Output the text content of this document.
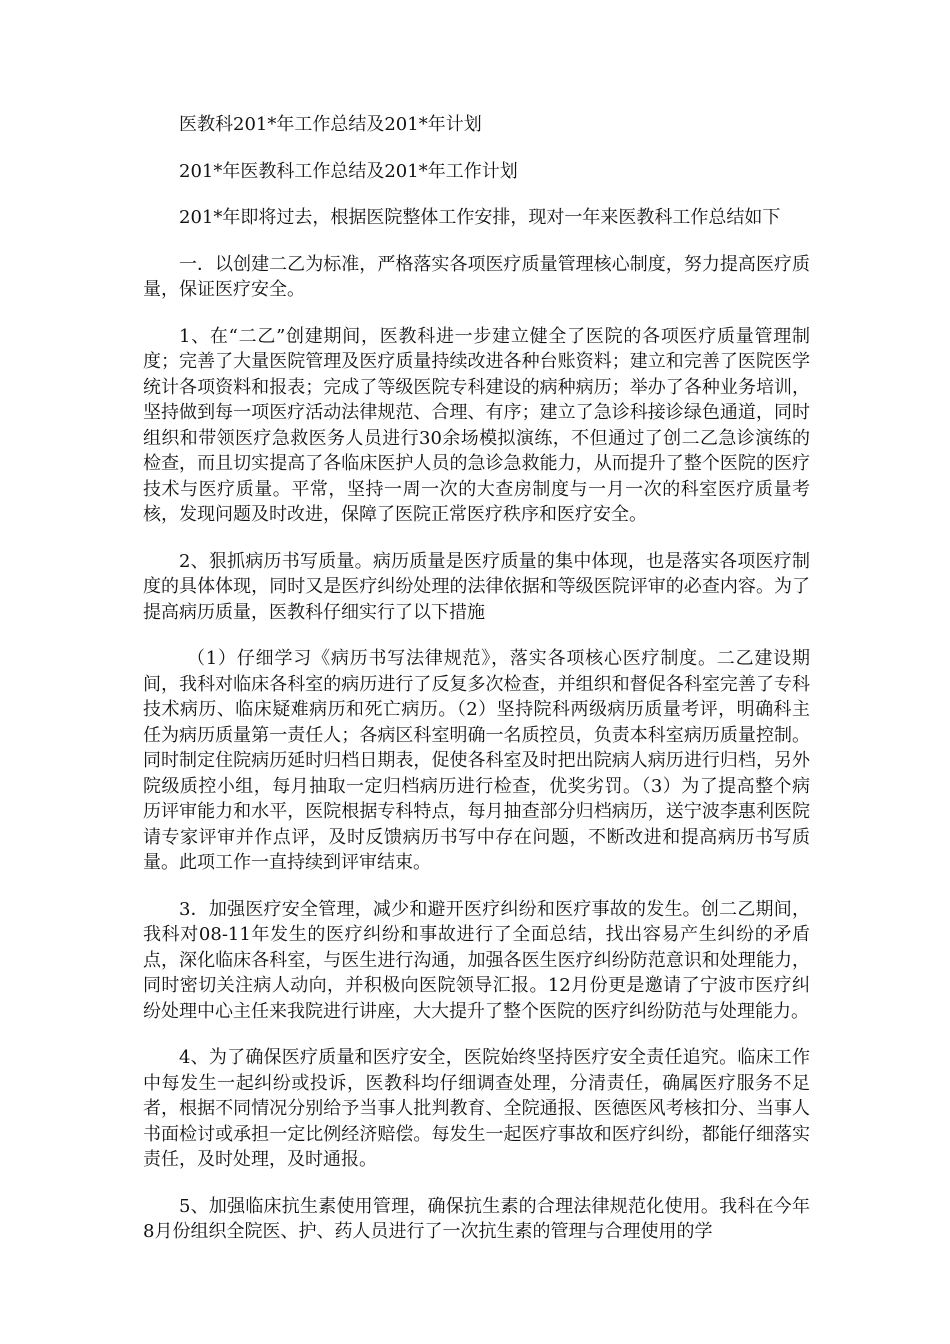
医教科201*年工作总结及201*年计划

201*年医教科工作总结及201*年工作计划

201*年即将过去，根据医院整体工作安排，现对一年来医教科工作总结如下

一．以创建二乙为标准，严格落实各项医疗质量管理核心制度，努力提高医疗质量，保证医疗安全。

1、在“二乙”创建期间，医教科进一步建立健全了医院的各项医疗质量管理制度；完善了大量医院管理及医疗质量持续改进各种台账资料；建立和完善了医院医学统计各项资料和报表；完成了等级医院专科建设的病种病历；举办了各种业务培训，坚持做到每一项医疗活动法律规范、合理、有序；建立了急诊科接诊绿色通道，同时组织和带领医疗急救医务人员进行30余场模拟演练，不但通过了创二乙急诊演练的检查，而且切实提高了各临床医护人员的急诊急救能力，从而提升了整个医院的医疗技术与医疗质量。平常，坚持一周一次的大查房制度与一月一次的科室医疗质量考核，发现问题及时改进，保障了医院正常医疗秩序和医疗安全。

2、狠抓病历书写质量。病历质量是医疗质量的集中体现，也是落实各项医疗制度的具体体现，同时又是医疗纠纷处理的法律依据和等级医院评审的必查内容。为了提高病历质量，医教科仔细实行了以下措施

（1）仔细学习《病历书写法律规范》，落实各项核心医疗制度。二乙建设期间，我科对临床各科室的病历进行了反复多次检查，并组织和督促各科室完善了专科技术病历、临床疑难病历和死亡病历。（2）坚持院科两级病历质量考评，明确科主任为病历质量第一责任人；各病区科室明确一名质控员，负责本科室病历质量控制。同时制定住院病历延时归档日期表，促使各科室及时把出院病人病历进行归档，另外院级质控小组，每月抽取一定归档病历进行检查，优奖劣罚。（3）为了提高整个病历评审能力和水平，医院根据专科特点，每月抽查部分归档病历，送宁波李惠利医院请专家评审并作点评，及时反馈病历书写中存在问题，不断改进和提高病历书写质量。此项工作一直持续到评审结束。

3．加强医疗安全管理，减少和避开医疗纠纷和医疗事故的发生。创二乙期间，我科对08-11年发生的医疗纠纷和事故进行了全面总结，找出容易产生纠纷的矛盾点，深化临床各科室，与医生进行沟通，加强各医生医疗纠纷防范意识和处理能力，同时密切关注病人动向，并积极向医院领导汇报。12月份更是邀请了宁波市医疗纠纷处理中心主任来我院进行讲座，大大提升了整个医院的医疗纠纷防范与处理能力。

4、为了确保医疗质量和医疗安全，医院始终坚持医疗安全责任追究。临床工作中每发生一起纠纷或投诉，医教科均仔细调查处理，分清责任，确属医疗服务不足者，根据不同情况分别给予当事人批判教育、全院通报、医德医风考核扣分、当事人书面检讨或承担一定比例经济赔偿。每发生一起医疗事故和医疗纠纷，都能仔细落实责任，及时处理，及时通报。

5、加强临床抗生素使用管理，确保抗生素的合理法律规范化使用。我科在今年8月份组织全院医、护、药人员进行了一次抗生素的管理与合理使用的学
